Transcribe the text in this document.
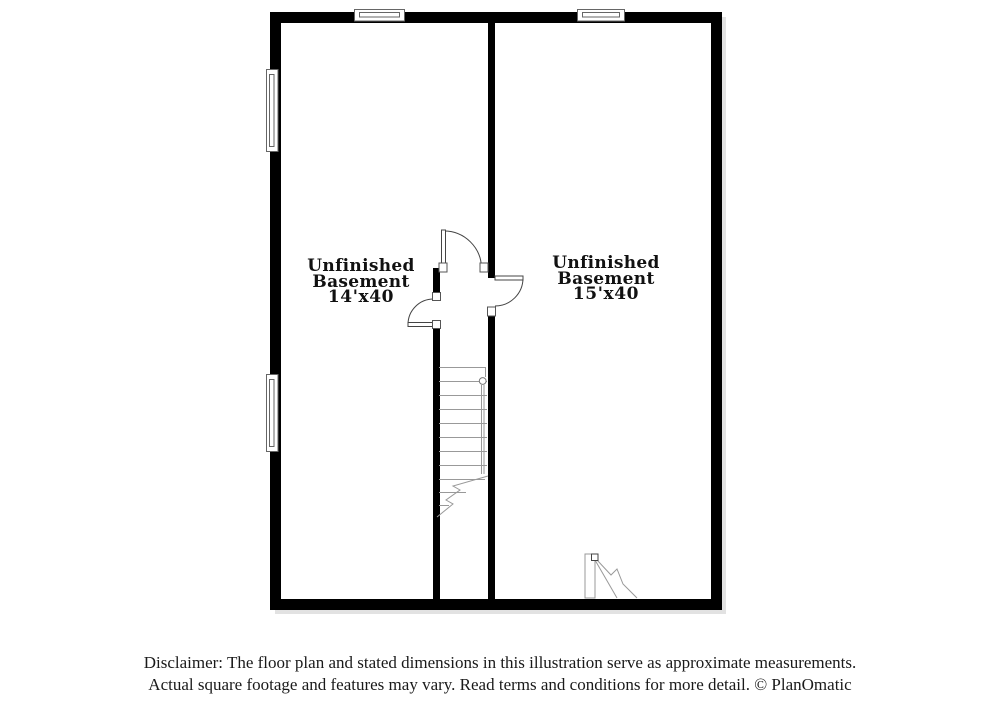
Unfinished
Basement
14'x40
Unfinished
Basement
15'x40
Disclaimer: The floor plan and stated dimensions in this illustration serve as approximate measurements.
Actual square footage and features may vary. Read terms and conditions for more detail. © PlanOmatic
